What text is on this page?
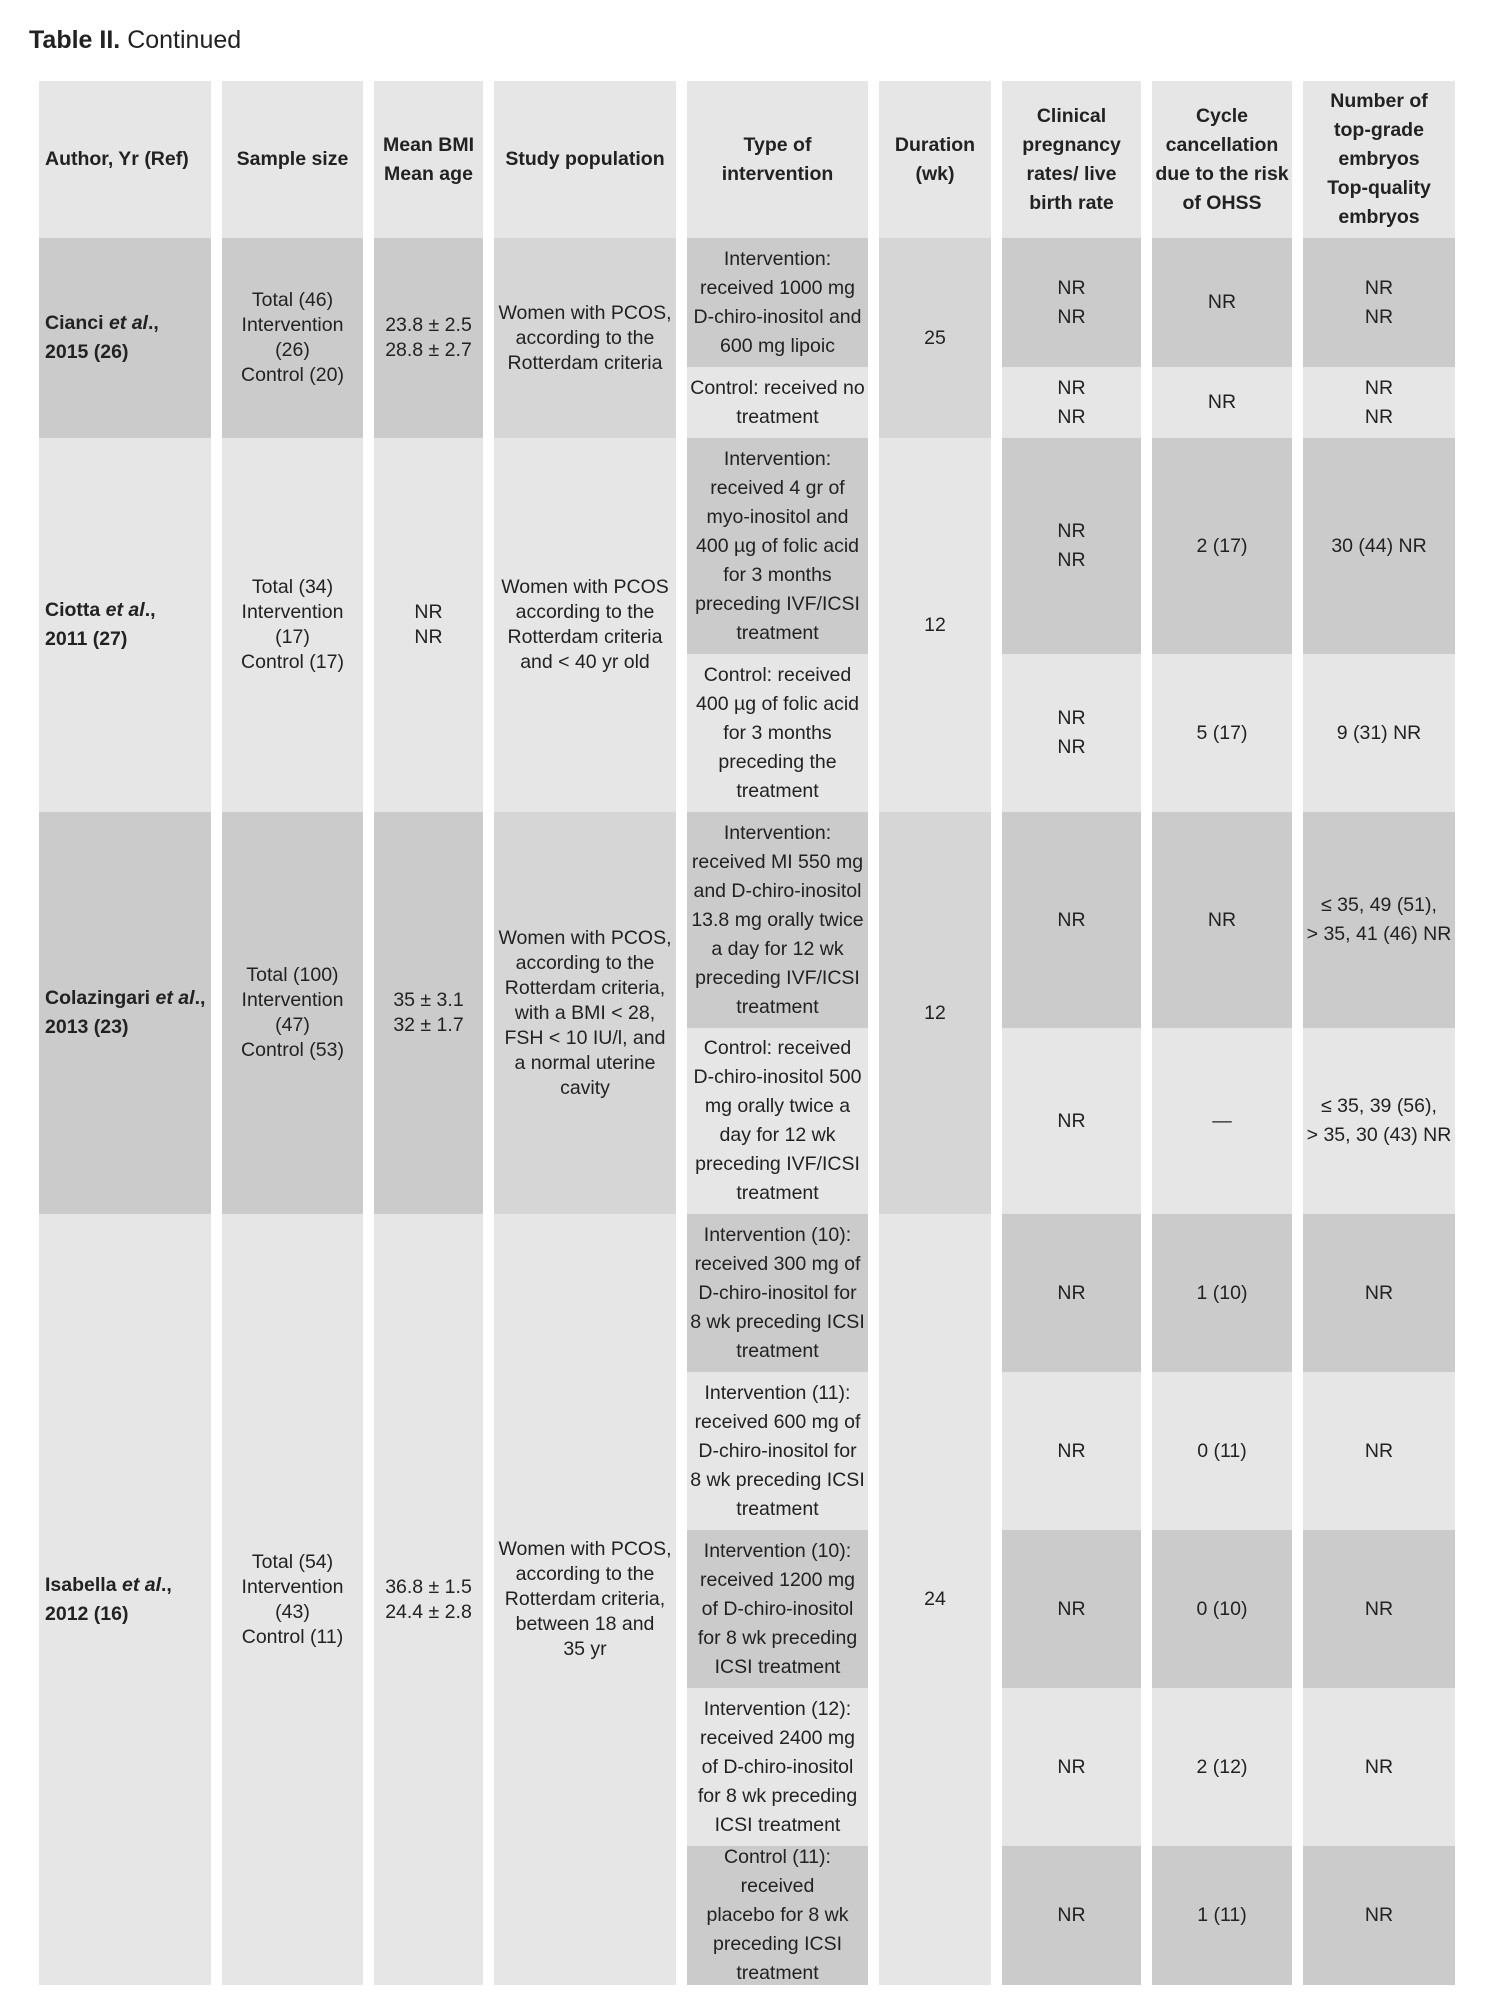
Table II. Continued
Author, Yr (Ref)
Cianci et al.,
2015 (26)
Ciotta et al.,
2011 (27)
Colazingari et al.,
2013 (23)
Isabella et al.,
2012 (16)
Sample size
Total (46)
Intervention
(26)
Control (20)
Total (34)
Intervention
(17)
Control (17)
Total (100)
Intervention
(47)
Control (53)
Total (54)
Intervention
(43)
Control (11)
Mean BMI
Mean age
23.8 ± 2.5
28.8 ± 2.7
NR
NR
35 ± 3.1
32 ± 1.7
36.8 ± 1.5
24.4 ± 2.8
Study population
Women with PCOS,
according to the
Rotterdam criteria
Women with PCOS
according to the
Rotterdam criteria
and < 40 yr old
Women with PCOS,
according to the
Rotterdam criteria,
with a BMI < 28,
FSH < 10 IU/l, and
a normal uterine
cavity
Women with PCOS,
according to the
Rotterdam criteria,
between 18 and
35 yr
Type of
intervention
Intervention:
received 1000 mg
D-chiro-inositol and
600 mg lipoic
Control: received no
treatment
Intervention:
received 4 gr of
myo-inositol and
400 µg of folic acid
for 3 months
preceding IVF/ICSI
treatment
Control: received
400 µg of folic acid
for 3 months
preceding the
treatment
Intervention:
received MI 550 mg
and D-chiro-inositol
13.8 mg orally twice
a day for 12 wk
preceding IVF/ICSI
treatment
Control: received
D-chiro-inositol 500
mg orally twice a
day for 12 wk
preceding IVF/ICSI
treatment
Intervention (10):
received 300 mg of
D-chiro-inositol for
8 wk preceding ICSI
treatment
Intervention (11):
received 600 mg of
D-chiro-inositol for
8 wk preceding ICSI
treatment
Intervention (10):
received 1200 mg
of D-chiro-inositol
for 8 wk preceding
ICSI treatment
Intervention (12):
received 2400 mg
of D-chiro-inositol
for 8 wk preceding
ICSI treatment
Control (11): received
placebo for 8 wk
preceding ICSI
treatment
Duration
(wk)
25
12
12
24
Clinical
pregnancy
rates/ live
birth rate
NR
NR
NR
NR
NR
NR
NR
NR
NR
NR
NR
NR
NR
NR
NR
Cycle
cancellation
due to the risk
of OHSS
NR
NR
2 (17)
5 (17)
NR
—
1 (10)
0 (11)
0 (10)
2 (12)
1 (11)
Number of
top-grade
embryos
Top-quality
embryos
NR
NR
NR
NR
30 (44) NR
9 (31) NR
≤ 35, 49 (51),
> 35, 41 (46) NR
≤ 35, 39 (56),
> 35, 30 (43) NR
NR
NR
NR
NR
NR
